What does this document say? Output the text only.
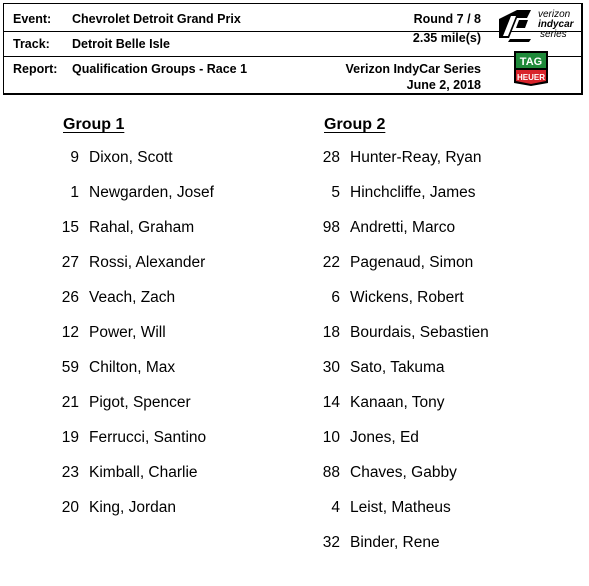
Event: Chevrolet Detroit Grand Prix
Track: Detroit Belle Isle
Report: Qualification Groups - Race 1
Round 7 / 8
2.35 mile(s)
Verizon IndyCar Series
June 2, 2018
verizon
indycar
series
TAG
HEUER
Group 1
9 Dixon, Scott
1 Newgarden, Josef
15 Rahal, Graham
27 Rossi, Alexander
26 Veach, Zach
12 Power, Will
59 Chilton, Max
21 Pigot, Spencer
19 Ferrucci, Santino
23 Kimball, Charlie
20 King, Jordan
Group 2
28 Hunter-Reay, Ryan
5 Hinchcliffe, James
98 Andretti, Marco
22 Pagenaud, Simon
6 Wickens, Robert
18 Bourdais, Sebastien
30 Sato, Takuma
14 Kanaan, Tony
10 Jones, Ed
88 Chaves, Gabby
4 Leist, Matheus
32 Binder, Rene
